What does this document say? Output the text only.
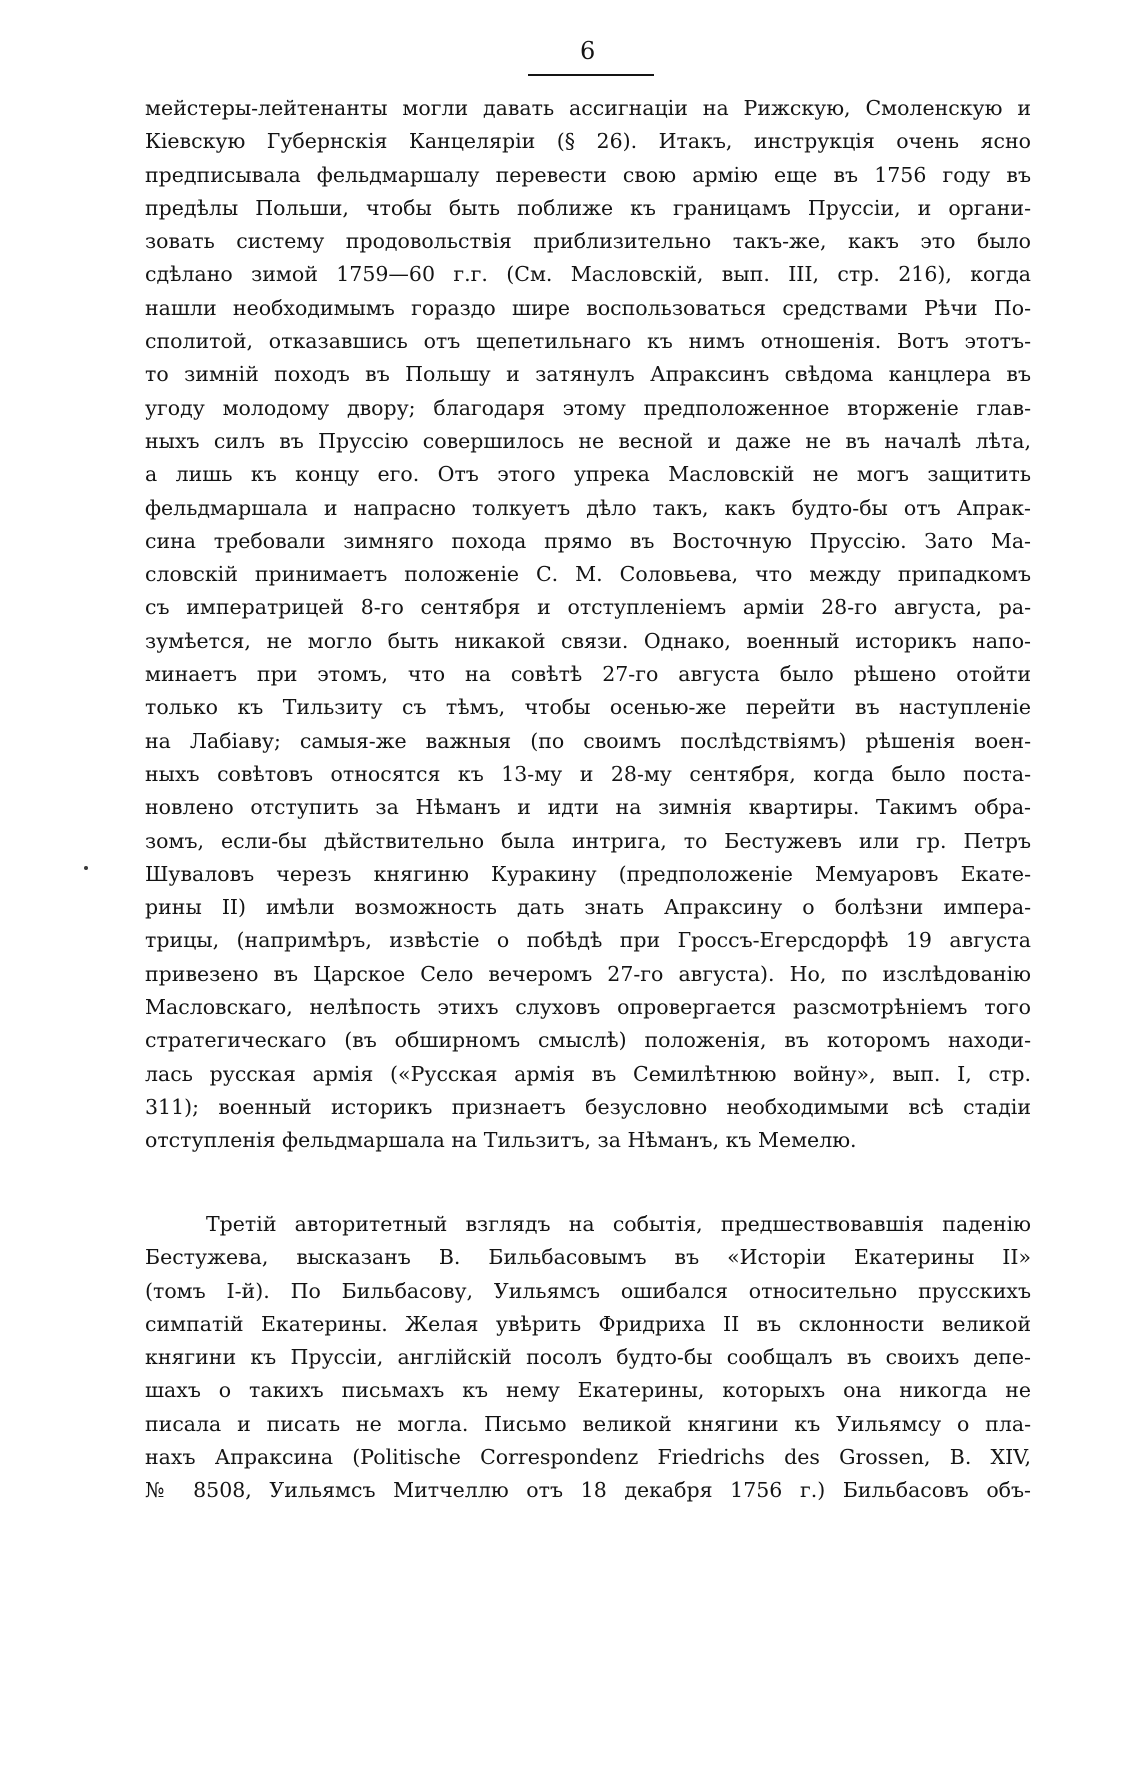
6
мейстеры-лейтенанты могли давать ассигнаціи на Рижскую, Смоленскую и
Кіевскую Губернскія Канцеляріи (§ 26). Итакъ, инструкція очень ясно
предписывала фельдмаршалу перевести свою армію еще въ 1756 году въ
предѣлы Польши, чтобы быть поближе къ границамъ Пруссіи, и органи-
зовать систему продовольствія приблизительно такъ-же, какъ это было
сдѣлано зимой 1759—60 г.г. (См. Масловскій, вып. III, стр. 216), когда
нашли необходимымъ гораздо шире воспользоваться средствами Рѣчи По-
сполитой, отказавшись отъ щепетильнаго къ нимъ отношенія. Вотъ этотъ-
то зимній походъ въ Польшу и затянулъ Апраксинъ свѣдома канцлера въ
угоду молодому двору; благодаря этому предположенное вторженіе глав-
ныхъ силъ въ Пруссію совершилось не весной и даже не въ началѣ лѣта,
а лишь къ концу его. Отъ этого упрека Масловскій не могъ защитить
фельдмаршала и напрасно толкуетъ дѣло такъ, какъ будто-бы отъ Апрак-
сина требовали зимняго похода прямо въ Восточную Пруссію. Зато Ма-
словскій принимаетъ положеніе С. М. Соловьева, что между припадкомъ
съ императрицей 8-го сентября и отступленіемъ арміи 28-го августа, ра-
зумѣется, не могло быть никакой связи. Однако, военный историкъ напо-
минаетъ при этомъ, что на совѣтѣ 27-го августа было рѣшено отойти
только къ Тильзиту съ тѣмъ, чтобы осенью-же перейти въ наступленіе
на Лабіаву; самыя-же важныя (по своимъ послѣдствіямъ) рѣшенія воен-
ныхъ совѣтовъ относятся къ 13-му и 28-му сентября, когда было поста-
новлено отступить за Нѣманъ и идти на зимнія квартиры. Такимъ обра-
зомъ, если-бы дѣйствительно была интрига, то Бестужевъ или гр. Петръ
Шуваловъ черезъ княгиню Куракину (предположеніе Мемуаровъ Екате-
рины II) имѣли возможность дать знать Апраксину о болѣзни импера-
трицы, (напримѣръ, извѣстіе о побѣдѣ при Гроссъ-Егерсдорфѣ 19 августа
привезено въ Царское Село вечеромъ 27-го августа). Но, по изслѣдованію
Масловскаго, нелѣпость этихъ слуховъ опровергается разсмотрѣніемъ того
стратегическаго (въ обширномъ смыслѣ) положенія, въ которомъ находи-
лась русская армія («Русская армія въ Семилѣтнюю войну», вып. I, стр.
311); военный историкъ признаетъ безусловно необходимыми всѣ стадіи
отступленія фельдмаршала на Тильзитъ, за Нѣманъ, къ Мемелю.
Третій авторитетный взглядъ на событія, предшествовавшія паденію
Бестужева, высказанъ В. Бильбасовымъ въ «Исторіи Екатерины II»
(томъ I-й). По Бильбасову, Уильямсъ ошибался относительно прусскихъ
симпатій Екатерины. Желая увѣрить Фридриха II въ склонности великой
княгини къ Пруссіи, англійскій посолъ будто-бы сообщалъ въ своихъ депе-
шахъ о такихъ письмахъ къ нему Екатерины, которыхъ она никогда не
писала и писать не могла. Письмо великой княгини къ Уильямсу о пла-
нахъ Апраксина (Politische Correspondenz Friedrichs des Grossen, B. XIV,
№ 8508, Уильямсъ Митчеллю отъ 18 декабря 1756 г.) Бильбасовъ объ-
